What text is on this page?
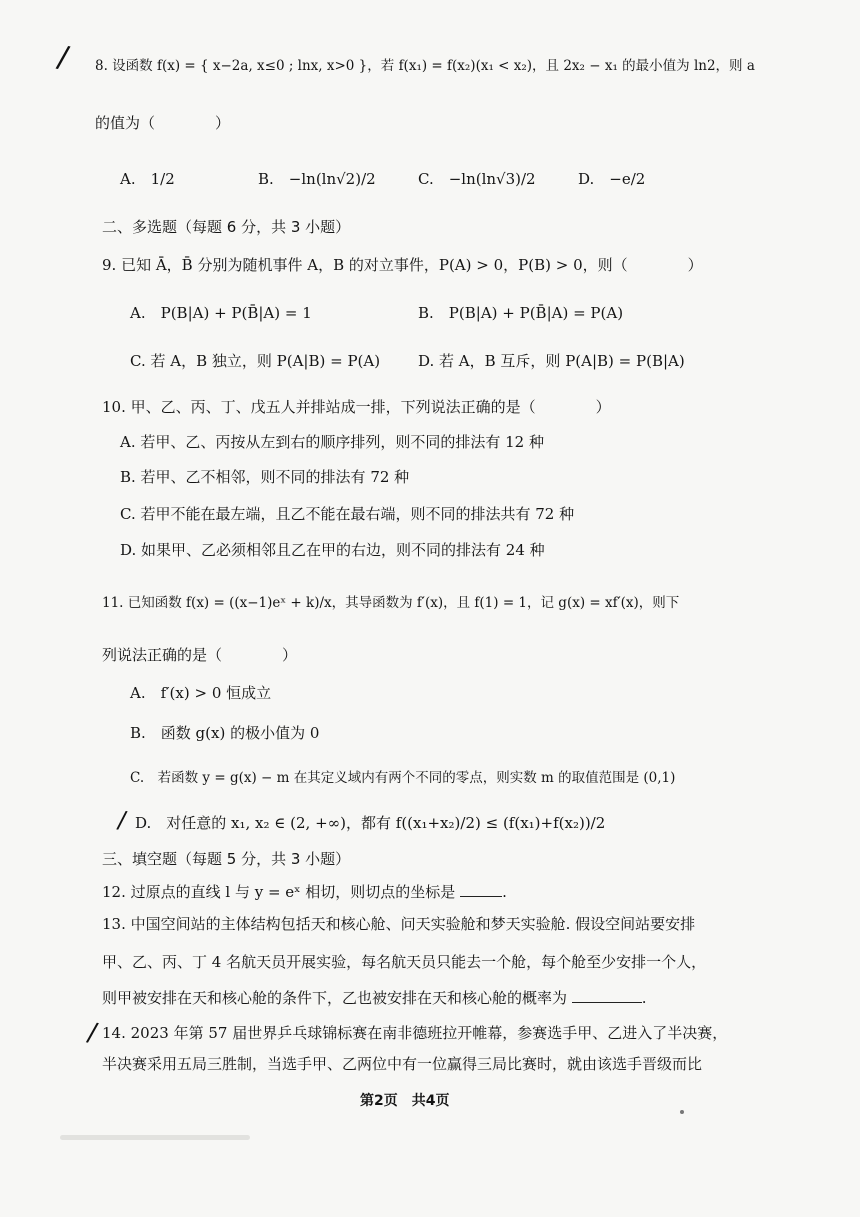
/
/
/
8. 设函数 f(x) = { x−2a, x≤0 ; lnx, x>0 }，若 f(x₁) = f(x₂)(x₁ < x₂)，且 2x₂ − x₁ 的最小值为 ln2，则 a
的值为（　　　　）
A.　1/2	B.　−ln(ln√2)/2	C.　−ln(ln√3)/2	D.　−e/2
二、多选题（每题 6 分，共 3 小题）
9. 已知 Ā，B̄ 分别为随机事件 A，B 的对立事件，P(A) > 0，P(B) > 0，则（　　　　）
A.　P(B|A) + P(B̄|A) = 1	B.　P(B|A) + P(B̄|A) = P(A)
C. 若 A，B 独立，则 P(A|B) = P(A)	D. 若 A，B 互斥，则 P(A|B) = P(B|A)
10. 甲、乙、丙、丁、戊五人并排站成一排，下列说法正确的是（　　　　）
A. 若甲、乙、丙按从左到右的顺序排列，则不同的排法有 12 种
B. 若甲、乙不相邻，则不同的排法有 72 种
C. 若甲不能在最左端，且乙不能在最右端，则不同的排法共有 72 种
D. 如果甲、乙必须相邻且乙在甲的右边，则不同的排法有 24 种
11. 已知函数 f(x) = ((x−1)eˣ + k)/x，其导函数为 f′(x)，且 f(1) = 1，记 g(x) = xf′(x)，则下
列说法正确的是（　　　　）
A.　f′(x) > 0 恒成立
B.　函数 g(x) 的极小值为 0
C.　若函数 y = g(x) − m 在其定义域内有两个不同的零点，则实数 m 的取值范围是 (0,1)
D.　对任意的 x₁, x₂ ∈ (2, +∞)，都有 f((x₁+x₂)/2) ≤ (f(x₁)+f(x₂))/2
三、填空题（每题 5 分，共 3 小题）
12. 过原点的直线 l 与 y = eˣ 相切，则切点的坐标是	.
13. 中国空间站的主体结构包括天和核心舱、问天实验舱和梦天实验舱. 假设空间站要安排
甲、乙、丙、丁 4 名航天员开展实验，每名航天员只能去一个舱，每个舱至少安排一个人，
则甲被安排在天和核心舱的条件下，乙也被安排在天和核心舱的概率为	.
14. 2023 年第 57 届世界乒乓球锦标赛在南非德班拉开帷幕，参赛选手甲、乙进入了半决赛，
半决赛采用五局三胜制，当选手甲、乙两位中有一位赢得三局比赛时，就由该选手晋级而比
第2页　共4页
